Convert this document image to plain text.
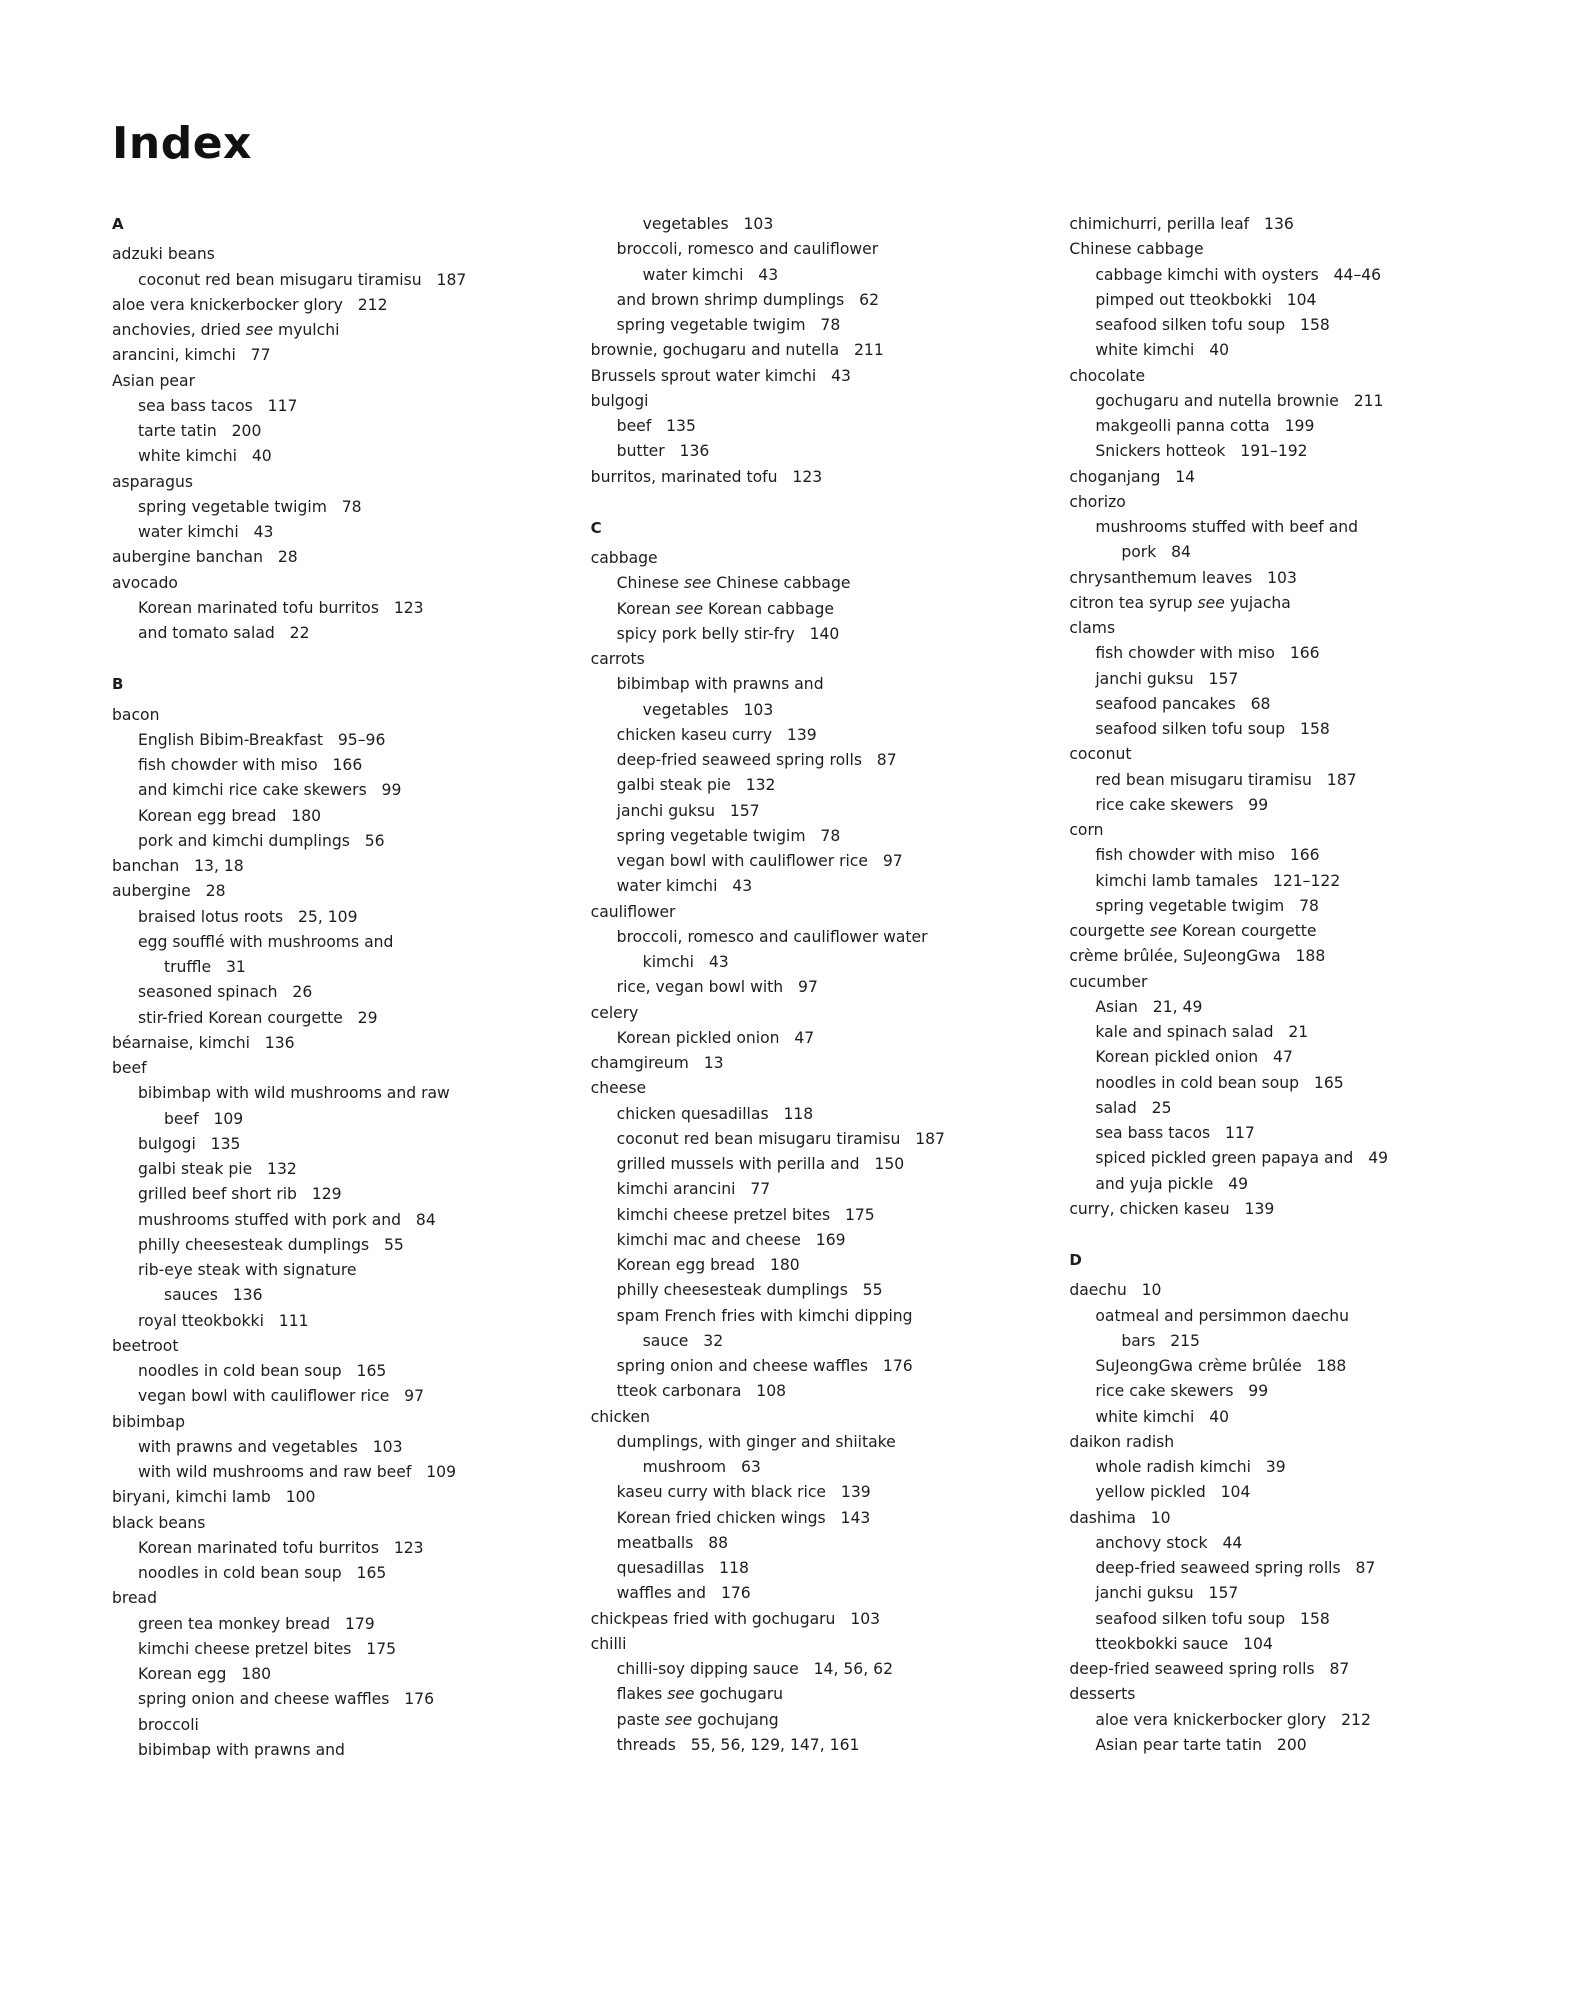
Index
A
adzuki beans
coconut red bean misugaru tiramisu   187
aloe vera knickerbocker glory   212
anchovies, dried see myulchi
arancini, kimchi   77
Asian pear
sea bass tacos   117
tarte tatin   200
white kimchi   40
asparagus
spring vegetable twigim   78
water kimchi   43
aubergine banchan   28
avocado
Korean marinated tofu burritos   123
and tomato salad   22
B
bacon
English Bibim-Breakfast   95–96
fish chowder with miso   166
and kimchi rice cake skewers   99
Korean egg bread   180
pork and kimchi dumplings   56
banchan   13, 18
aubergine   28
braised lotus roots   25, 109
egg soufflé with mushrooms and
truffle   31
seasoned spinach   26
stir-fried Korean courgette   29
béarnaise, kimchi   136
beef
bibimbap with wild mushrooms and raw
beef   109
bulgogi   135
galbi steak pie   132
grilled beef short rib   129
mushrooms stuffed with pork and   84
philly cheesesteak dumplings   55
rib-eye steak with signature
sauces   136
royal tteokbokki   111
beetroot
noodles in cold bean soup   165
vegan bowl with cauliflower rice   97
bibimbap
with prawns and vegetables   103
with wild mushrooms and raw beef   109
biryani, kimchi lamb   100
black beans
Korean marinated tofu burritos   123
noodles in cold bean soup   165
bread
green tea monkey bread   179
kimchi cheese pretzel bites   175
Korean egg   180
spring onion and cheese waffles   176
broccoli
bibimbap with prawns and
vegetables   103
broccoli, romesco and cauliflower
water kimchi   43
and brown shrimp dumplings   62
spring vegetable twigim   78
brownie, gochugaru and nutella   211
Brussels sprout water kimchi   43
bulgogi
beef   135
butter   136
burritos, marinated tofu   123
C
cabbage
Chinese see Chinese cabbage
Korean see Korean cabbage
spicy pork belly stir-fry   140
carrots
bibimbap with prawns and
vegetables   103
chicken kaseu curry   139
deep-fried seaweed spring rolls   87
galbi steak pie   132
janchi guksu   157
spring vegetable twigim   78
vegan bowl with cauliflower rice   97
water kimchi   43
cauliflower
broccoli, romesco and cauliflower water
kimchi   43
rice, vegan bowl with   97
celery
Korean pickled onion   47
chamgireum   13
cheese
chicken quesadillas   118
coconut red bean misugaru tiramisu   187
grilled mussels with perilla and   150
kimchi arancini   77
kimchi cheese pretzel bites   175
kimchi mac and cheese   169
Korean egg bread   180
philly cheesesteak dumplings   55
spam French fries with kimchi dipping
sauce   32
spring onion and cheese waffles   176
tteok carbonara   108
chicken
dumplings, with ginger and shiitake
mushroom   63
kaseu curry with black rice   139
Korean fried chicken wings   143
meatballs   88
quesadillas   118
waffles and   176
chickpeas fried with gochugaru   103
chilli
chilli-soy dipping sauce   14, 56, 62
flakes see gochugaru
paste see gochujang
threads   55, 56, 129, 147, 161
chimichurri, perilla leaf   136
Chinese cabbage
cabbage kimchi with oysters   44–46
pimped out tteokbokki   104
seafood silken tofu soup   158
white kimchi   40
chocolate
gochugaru and nutella brownie   211
makgeolli panna cotta   199
Snickers hotteok   191–192
choganjang   14
chorizo
mushrooms stuffed with beef and
pork   84
chrysanthemum leaves   103
citron tea syrup see yujacha
clams
fish chowder with miso   166
janchi guksu   157
seafood pancakes   68
seafood silken tofu soup   158
coconut
red bean misugaru tiramisu   187
rice cake skewers   99
corn
fish chowder with miso   166
kimchi lamb tamales   121–122
spring vegetable twigim   78
courgette see Korean courgette
crème brûlée, SuJeongGwa   188
cucumber
Asian   21, 49
kale and spinach salad   21
Korean pickled onion   47
noodles in cold bean soup   165
salad   25
sea bass tacos   117
spiced pickled green papaya and   49
and yuja pickle   49
curry, chicken kaseu   139
D
daechu   10
oatmeal and persimmon daechu
bars   215
SuJeongGwa crème brûlée   188
rice cake skewers   99
white kimchi   40
daikon radish
whole radish kimchi   39
yellow pickled   104
dashima   10
anchovy stock   44
deep-fried seaweed spring rolls   87
janchi guksu   157
seafood silken tofu soup   158
tteokbokki sauce   104
deep-fried seaweed spring rolls   87
desserts
aloe vera knickerbocker glory   212
Asian pear tarte tatin   200
